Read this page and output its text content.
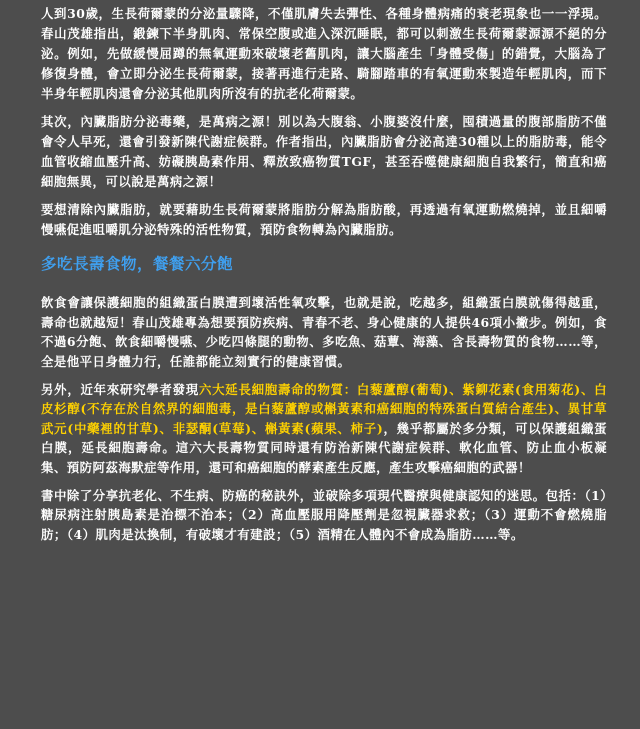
人到30歲，生長荷爾蒙的分泌量驟降，不僅肌膚失去彈性、各種身體病痛的衰老現象也一一浮現。春山茂雄指出，鍛鍊下半身肌肉、常保空腹或進入深沉睡眠，都可以刺激生長荷爾蒙源源不絕的分泌。例如，先做緩慢屈蹲的無氧運動來破壞老舊肌肉，讓大腦產生「身體受傷」的錯覺，大腦為了修復身體，會立即分泌生長荷爾蒙，接著再進行走路、騎腳踏車的有氧運動來製造年輕肌肉，而下半身年輕肌肉還會分泌其他肌肉所沒有的抗老化荷爾蒙。

其次，內臟脂肪分泌毒藥，是萬病之源！別以為大腹翁、小腹婆沒什麼，囤積過量的腹部脂肪不僅會令人早死，還會引發新陳代謝症候群。作者指出，內臟脂肪會分泌高達30種以上的脂肪毒，能令血管收縮血壓升高、妨礙胰島素作用、釋放致癌物質TGF，甚至吞噬健康細胞自我繁行，簡直和癌細胞無異，可以說是萬病之源！

要想清除內臟脂肪，就要藉助生長荷爾蒙將脂肪分解為脂肪酸，再透過有氧運動燃燒掉，並且細嚼慢嚥促進咀嚼肌分泌特殊的活性物質，預防食物轉為內臟脂肪。

多吃長壽食物，餐餐六分飽

飲食會讓保護細胞的組織蛋白膜遭到壞活性氧攻擊，也就是說，吃越多，組織蛋白膜就傷得越重，壽命也就越短！春山茂雄專為想要預防疾病、青春不老、身心健康的人提供46項小撇步。例如，食不過6分飽、飲食細嚼慢嚥、少吃四條腿的動物、多吃魚、菇蕈、海藻、含長壽物質的食物……等，全是他平日身體力行，任誰都能立刻實行的健康習慣。

另外，近年來研究學者發現六大延長細胞壽命的物質：白藜蘆醇(葡萄)、紫鉚花素(食用菊花)、白皮杉醇(不存在於自然界的細胞毒，是白藜蘆醇或槲黃素和癌細胞的特殊蛋白質結合產生)、異甘草武元(中藥裡的甘草)、非瑟酮(草莓)、槲黃素(蘋果、柿子)，幾乎都屬於多分類，可以保護組織蛋白膜，延長細胞壽命。這六大長壽物質同時還有防治新陳代謝症候群、軟化血管、防止血小板凝集、預防阿茲海默症等作用，還可和癌細胞的酵素產生反應，產生攻擊癌細胞的武器！

書中除了分享抗老化、不生病、防癌的秘訣外，並破除多項現代醫療與健康認知的迷思。包括：（1）糖尿病注射胰島素是治標不治本；（2）高血壓服用降壓劑是忽視臟器求救；（3）運動不會燃燒脂肪；（4）肌肉是汰換制，有破壞才有建設；（5）酒精在人體內不會成為脂肪……等。
